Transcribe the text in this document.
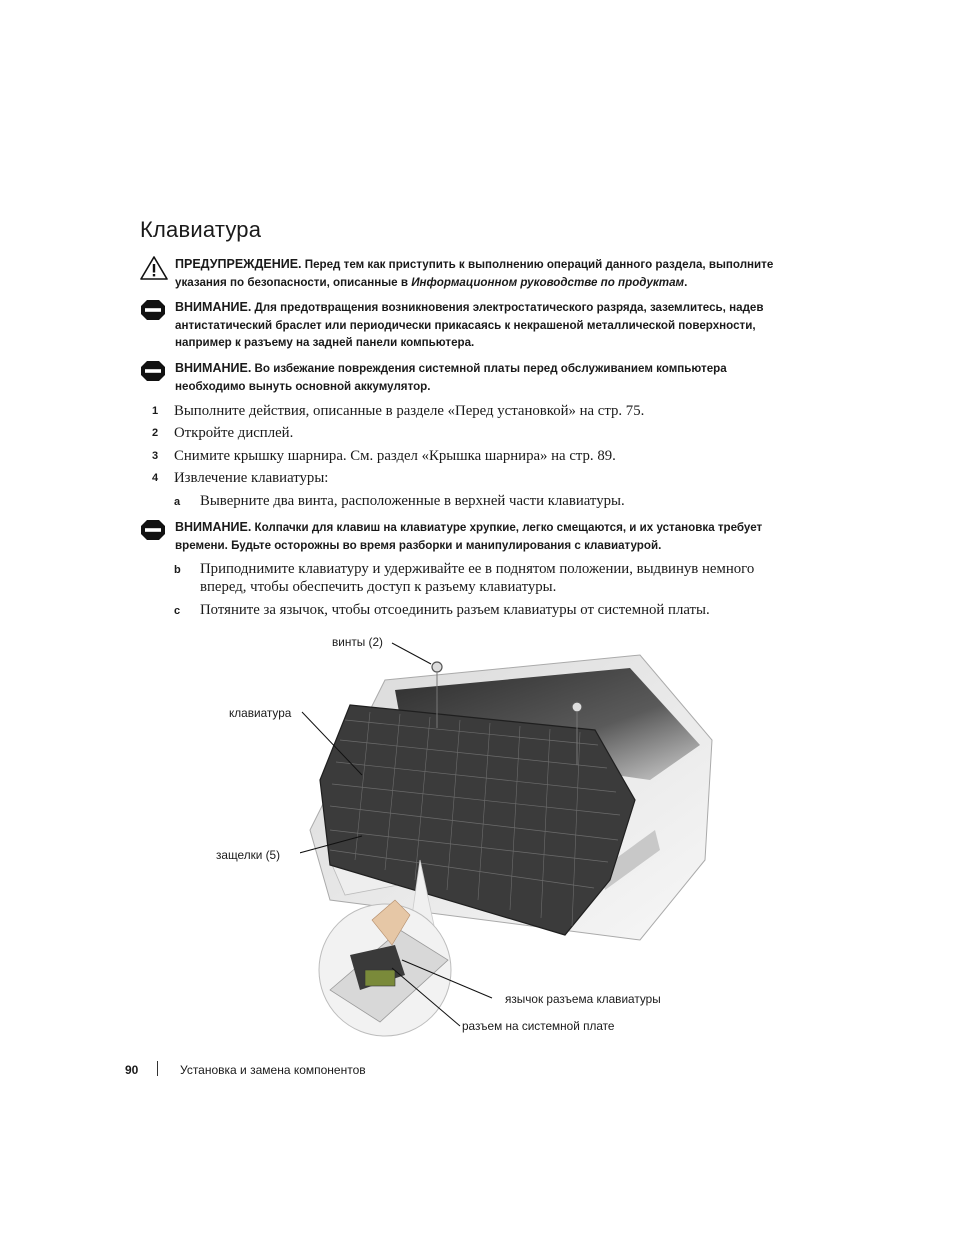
Клавиатура
ПРЕДУПРЕЖДЕНИЕ. Перед тем как приступить к выполнению операций данного раздела, выполните указания по безопасности, описанные в Информационном руководстве по продуктам.
ВНИМАНИЕ. Для предотвращения возникновения электростатического разряда, заземлитесь, надев антистатический браслет или периодически прикасаясь к некрашеной металлической поверхности, например к разъему на задней панели компьютера.
ВНИМАНИЕ. Во избежание повреждения системной платы перед обслуживанием компьютера необходимо вынуть основной аккумулятор.
1 Выполните действия, описанные в разделе «Перед установкой» на стр. 75.
2 Откройте дисплей.
3 Снимите крышку шарнира. См. раздел «Крышка шарнира» на стр. 89.
4 Извлечение клавиатуры:
a Выверните два винта, расположенные в верхней части клавиатуры.
ВНИМАНИЕ. Колпачки для клавиш на клавиатуре хрупкие, легко смещаются, и их установка требует времени. Будьте осторожны во время разборки и манипулирования с клавиатурой.
b Приподнимите клавиатуру и удерживайте ее в поднятом положении, выдвинув немного вперед, чтобы обеспечить доступ к разъему клавиатуры.
c Потяните за язычок, чтобы отсоединить разъем клавиатуры от системной платы.
винты (2)
клавиатура
защелки (5)
язычок разъема клавиатуры
разъем на системной плате
90	Установка и замена компонентов
